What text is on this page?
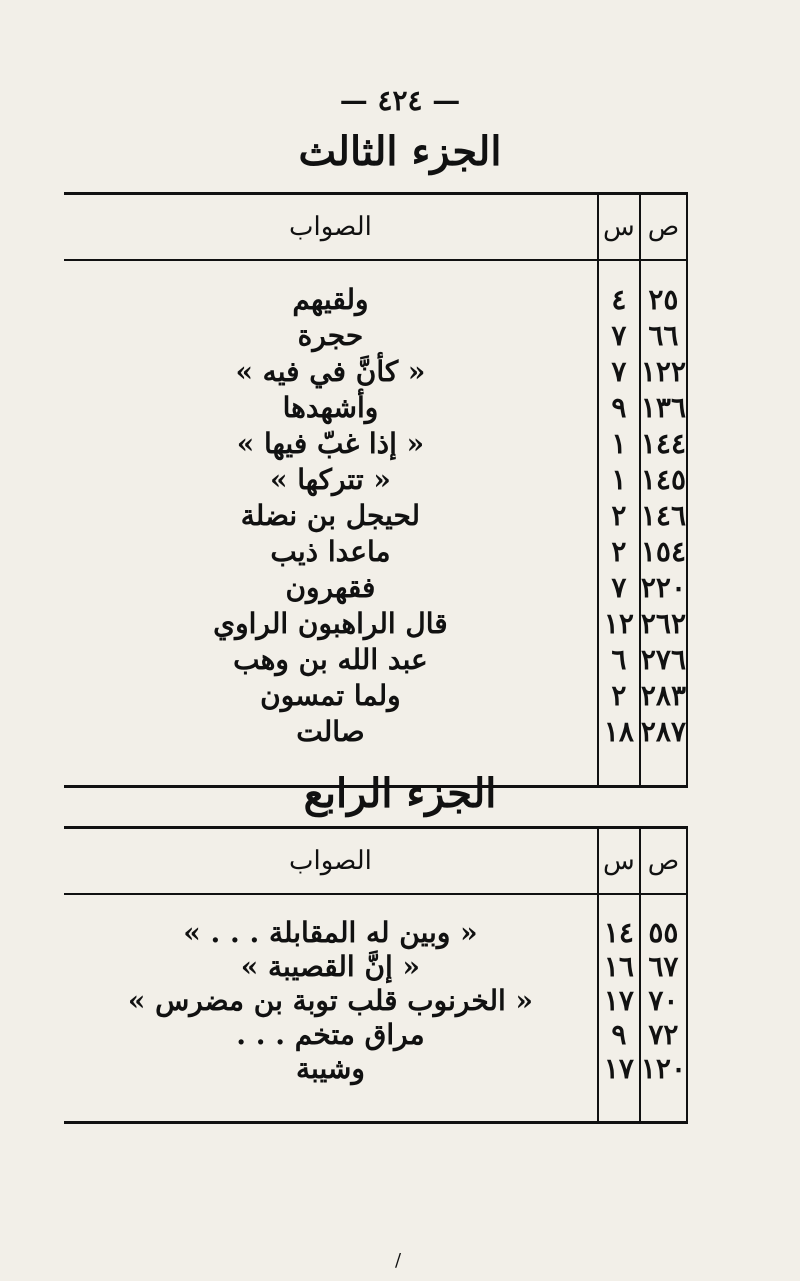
— ٤٢٤ —
الجزء الثالث
ص	س	الصواب

٢٥	٤	ولقيهم
٦٦	٧	حجرة
١٢٢	٧	« كأنَّ في فيه »
١٣٦	٩	وأشهدها
١٤٤	١	« إذا غبّ فيها »
١٤٥	١	« تتركها »
١٤٦	٢	لحيجل بن نضلة
١٥٤	٢	ماعدا ذيب
٢٢٠	٧	فقهرون
٢٦٢	١٢	قال الراهبون الراوي
٢٧٦	٦	عبد الله بن وهب
٢٨٣	٢	ولما تمسون
٢٨٧	١٨	صالت

الجزء الرابع
ص	س	الصواب

٥٥	١٤	« وبين له المقابلة . . . »
٦٧	١٦	« إنَّ القصيبة »
٧٠	١٧	« الخرنوب قلب توبة بن مضرس »
٧٢	٩	مراق متخم . . .
١٢٠	١٧	وشيبة

/
